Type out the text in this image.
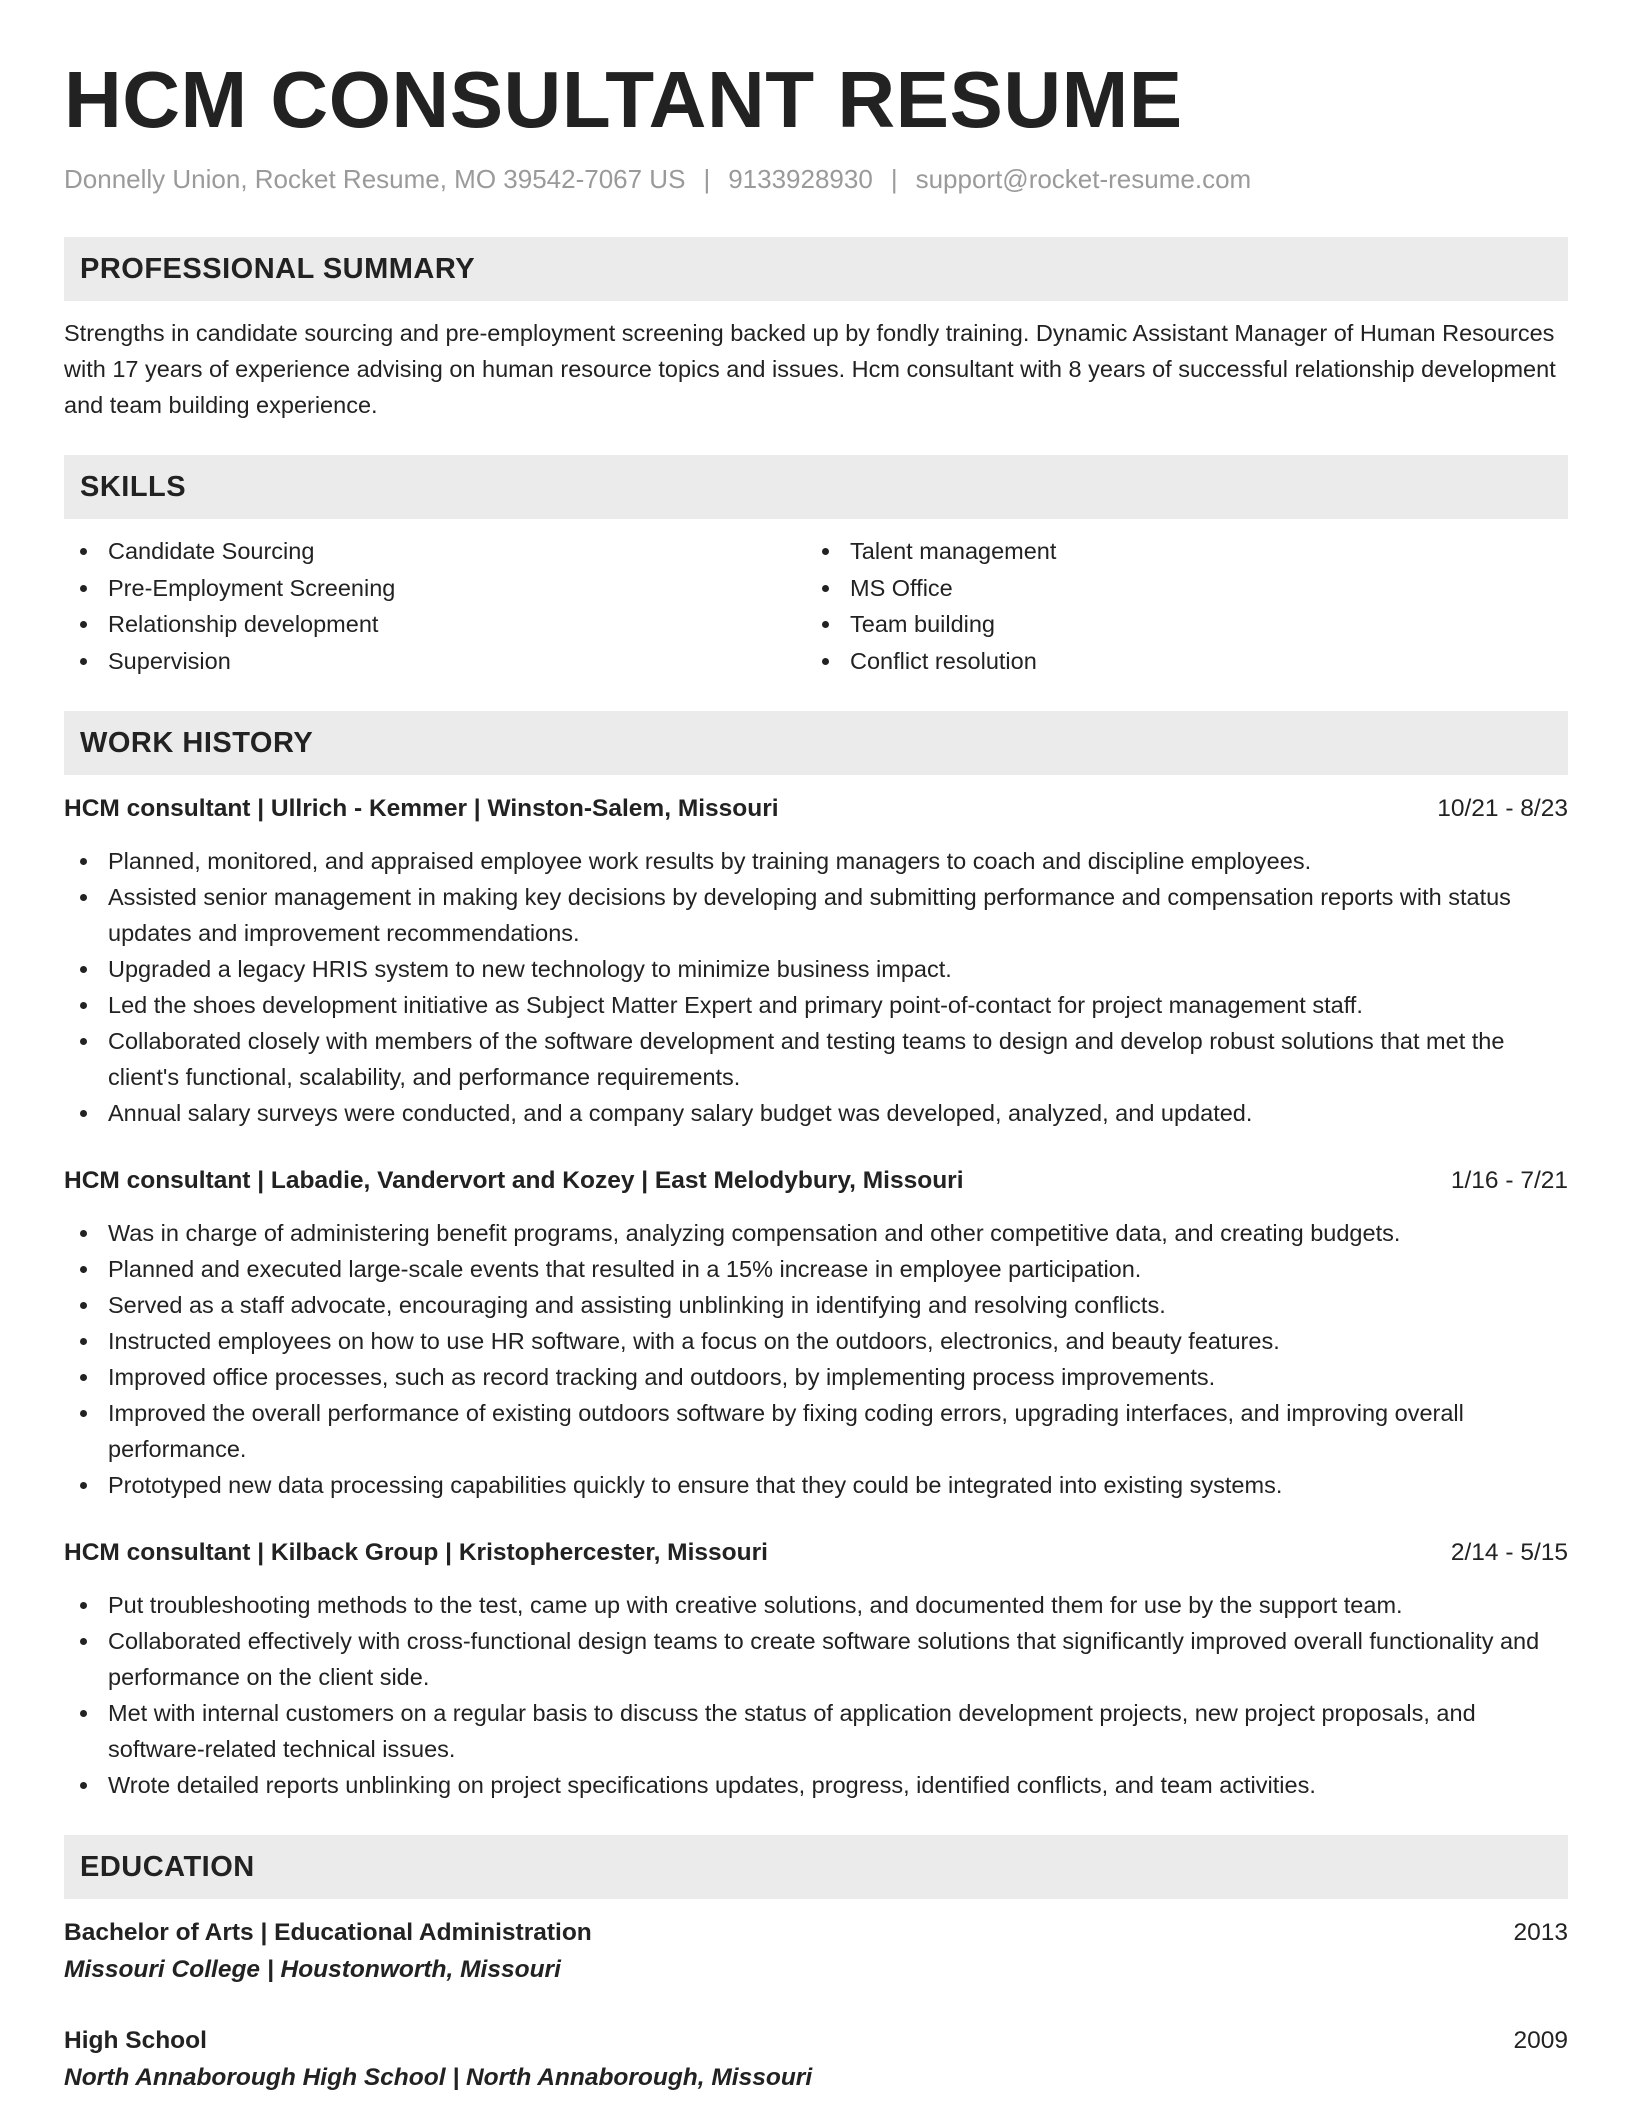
HCM CONSULTANT RESUME
Donnelly Union, Rocket Resume, MO 39542-7067 US | 9133928930 | support@rocket-resume.com
PROFESSIONAL SUMMARY
Strengths in candidate sourcing and pre-employment screening backed up by fondly training. Dynamic Assistant Manager of Human Resources with 17 years of experience advising on human resource topics and issues. Hcm consultant with 8 years of successful relationship development and team building experience.
SKILLS
Candidate Sourcing
Pre-Employment Screening
Relationship development
Supervision
Talent management
MS Office
Team building
Conflict resolution
WORK HISTORY
HCM consultant | Ullrich - Kemmer | Winston-Salem, Missouri	10/21 - 8/23
Planned, monitored, and appraised employee work results by training managers to coach and discipline employees.
Assisted senior management in making key decisions by developing and submitting performance and compensation reports with status updates and improvement recommendations.
Upgraded a legacy HRIS system to new technology to minimize business impact.
Led the shoes development initiative as Subject Matter Expert and primary point-of-contact for project management staff.
Collaborated closely with members of the software development and testing teams to design and develop robust solutions that met the client's functional, scalability, and performance requirements.
Annual salary surveys were conducted, and a company salary budget was developed, analyzed, and updated.
HCM consultant | Labadie, Vandervort and Kozey | East Melodybury, Missouri	1/16 - 7/21
Was in charge of administering benefit programs, analyzing compensation and other competitive data, and creating budgets.
Planned and executed large-scale events that resulted in a 15% increase in employee participation.
Served as a staff advocate, encouraging and assisting unblinking in identifying and resolving conflicts.
Instructed employees on how to use HR software, with a focus on the outdoors, electronics, and beauty features.
Improved office processes, such as record tracking and outdoors, by implementing process improvements.
Improved the overall performance of existing outdoors software by fixing coding errors, upgrading interfaces, and improving overall performance.
Prototyped new data processing capabilities quickly to ensure that they could be integrated into existing systems.
HCM consultant | Kilback Group | Kristophercester, Missouri	2/14 - 5/15
Put troubleshooting methods to the test, came up with creative solutions, and documented them for use by the support team.
Collaborated effectively with cross-functional design teams to create software solutions that significantly improved overall functionality and performance on the client side.
Met with internal customers on a regular basis to discuss the status of application development projects, new project proposals, and software-related technical issues.
Wrote detailed reports unblinking on project specifications updates, progress, identified conflicts, and team activities.
EDUCATION
Bachelor of Arts | Educational Administration	2013
Missouri College | Houstonworth, Missouri
High School	2009
North Annaborough High School | North Annaborough, Missouri
